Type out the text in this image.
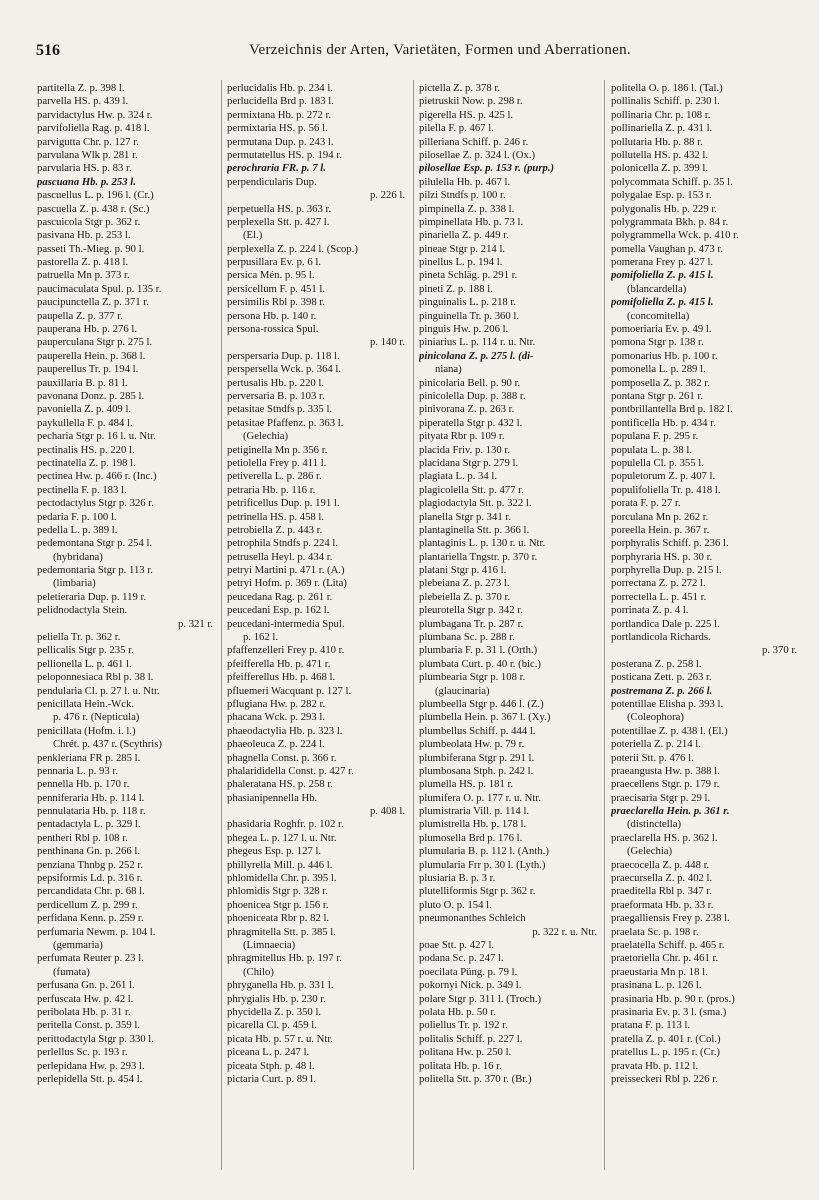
516	Verzeichnis der Arten, Varietäten, Formen und Aberrationen.
partitella Z. p. 398 l.
parvella HS. p. 439 l.
parvidactylus Hw. p. 324 r.
parvifoliella Rag. p. 418 l.
parvigutta Chr. p. 127 r.
parvulana Wlk p. 281 r.
parvularia HS. p. 83 r.
pascuana Hb. p. 253 l.
pascuellus L. p. 196 l. (Cr.)
pascuella Z. p. 438 r. (Sc.)
pascuicola Stgr p. 362 r.
pasivana Hb. p. 253 l.
passeti Th.-Mieg. p. 90 l.
pastorella Z. p. 418 l.
patruella Mn p. 373 r.
paucimaculata Spul. p. 135 r.
paucipunctella Z. p. 371 r.
paupella Z. p. 377 r.
pauperana Hb. p. 276 l.
pauperculana Stgr p. 275 l.
pauperella Hein. p. 368 l.
pauperellus Tr. p. 194 l.
pauxillaria B. p. 81 l.
pavonana Donz. p. 285 l.
pavoniella Z. p. 409 l.
paykullella F. p. 484 l.
pecharia Stgr p. 16 l. u. Ntr.
pectinalis HS. p. 220 l.
pectinatella Z. p. 198 l.
pectinea Hw. p. 466 r. (Inc.)
pectinella F. p. 183 l.
pectodactylus Stgr p. 326 r.
pedaria F. p. 100 l.
pedella L. p. 389 l.
pedemontana Stgr p. 254 l.
(hybridana)
pedemontaria Stgr p. 113 r.
(limbaria)
peletieraria Dup. p. 119 r.
pelidnodactyla Stein.
p. 321 r.
peliella Tr. p. 362 r.
pellicalis Stgr p. 235 r.
pellionella L. p. 461 l.
peloponnesiaca Rbl p. 38 l.
pendularia Cl. p. 27 l. u. Ntr.
penicillata Hein.-Wck.
p. 476 r. (Nepticula)
penicillata (Hofm. i. l.)
Chrét. p. 437 r. (Scythris)
penkleriana FR p. 285 l.
pennaria L. p. 93 r.
pennella Hb. p. 170 r.
penniferaria Hb. p. 114 l.
pennulataria Hb. p. 118 r.
pentadactyla L. p. 329 l.
pentheri Rbl p. 108 r.
penthinana Gn. p. 266 l.
penziana Thnbg p. 252 r.
pepsiformis Ld. p. 316 r.
percandidata Chr. p. 68 l.
perdicellum Z. p. 299 r.
perfidana Kenn. p. 259 r.
perfumaria Newm. p. 104 l.
(gemmaria)
perfumata Reuter p. 23 l.
(fumata)
perfusana Gn. p. 261 l.
perfuscata Hw. p. 42 l.
peribolata Hb. p. 31 r.
peritella Const. p. 359 l.
perittodactyla Stgr p. 330 l.
perlellus Sc. p. 193 r.
perlepidana Hw. p. 293 l.
perlepidella Stt. p. 454 l.
perlucidalis Hb. p. 234 l.
perlucidella Brd p. 183 l.
permixtana Hb. p. 272 r.
permixtaria HS. p. 56 l.
permutana Dup. p. 243 l.
permutatellus HS. p. 194 r.
perochraria FR. p. 7 l.
perpendicularis Dup.
p. 226 l.
perpetuella HS. p. 363 r.
perplexella Stt. p. 427 l.
(El.)
perplexella Z. p. 224 l. (Scop.)
perpusillara Ev. p. 6 l.
persica Mén. p. 95 l.
persicellum F. p. 451 l.
persimilis Rbl p. 398 r.
persona Hb. p. 140 r.
persona-rossica Spul.
p. 140 r.
perspersaria Dup. p. 118 l.
perspersella Wck. p. 364 l.
pertusalis Hb. p. 220 l.
perversaria B. p. 103 r.
petasitae Stndfs p. 335 l.
petasitae Pfaffenz. p. 363 l.
(Gelechia)
petiginella Mn p. 356 r.
petiolella Frey p. 411 l.
petiverella L. p. 286 r.
petraria Hb. p. 116 r.
petrificellus Dup. p. 191 l.
petrinella HS. p. 458 l.
petrobiella Z. p. 443 r.
petrophila Stndfs p. 224 l.
petrusella Heyl. p. 434 r.
petryi Martini p. 471 r. (A.)
petryi Hofm. p. 369 r. (Lita)
peucedana Rag. p. 261 r.
peucedani Esp. p. 162 l.
peucedani-intermedia Spul.
p. 162 l.
pfaffenzelleri Frey p. 410 r.
pfeifferella Hb. p. 471 r.
pfeifferellus Hb. p. 468 l.
pfluemeri Wacquant p. 127 l.
pflugiana Hw. p. 282 r.
phacana Wck. p. 293 l.
phaeodactylia Hb. p. 323 l.
phaeoleuca Z. p. 224 l.
phagnella Const. p. 366 r.
phalarididella Const. p. 427 r.
phaleratana HS. p. 258 r.
phasianipennella Hb.
p. 408 l.
phasidaria Roghfr. p. 102 r.
phegea L. p. 127 l. u. Ntr.
phegeus Esp. p. 127 l.
phillyrella Mill. p. 446 l.
phlomidella Chr. p. 395 l.
phlomidis Stgr p. 328 r.
phoenicea Stgr p. 156 r.
phoeniceata Rbr p. 82 l.
phragmitella Stt. p. 385 l.
(Limnaecia)
phragmitellus Hb. p. 197 r.
(Chilo)
phryganella Hb. p. 331 l.
phrygialis Hb. p. 230 r.
phycidella Z. p. 350 l.
picarella Cl. p. 459 l.
picata Hb. p. 57 r. u. Ntr.
piceana L. p. 247 l.
piceata Stph. p. 48 l.
pictaria Curt. p. 89 l.
pictella Z. p. 378 r.
pietruskii Now. p. 298 r.
pigerella HS. p. 425 l.
pilella F. p. 467 l.
pilleriana Schiff. p. 246 r.
pilosellae Z. p. 324 l. (Ox.)
pilosellae Esp. p. 153 r. (purp.)
pilulella Hb. p. 467 l.
pilzi Stndfs p. 100 r.
pimpinella Z. p. 338 l.
pimpinellata Hb. p. 73 l.
pinariella Z. p. 449 r.
pineae Stgr p. 214 l.
pinellus L. p. 194 l.
pineta Schläg. p. 291 r.
pineti Z. p. 188 l.
pinguinalis L. p. 218 r.
pinguinella Tr. p. 360 l.
pinguis Hw. p. 206 l.
piniarius L. p. 114 r. u. Ntr.
pinicolana Z. p. 275 l. (di-
niana)
pinicolaria Bell. p. 90 r.
pinicolella Dup. p. 388 r.
pinivorana Z. p. 263 r.
piperatella Stgr p. 432 l.
pityata Rbr p. 109 r.
placida Friv. p. 130 r.
placidana Stgr p. 279 l.
plagiata L. p. 34 l.
plagicolella Stt. p. 477 r.
plagiodactyla Stt. p. 322 l.
planella Stgr p. 341 r.
plantaginella Stt. p. 366 l.
plantaginis L. p. 130 r. u. Ntr.
plantariella Tngstr. p. 370 r.
platani Stgr p. 416 l.
plebeiana Z. p. 273 l.
plebeiella Z. p. 370 r.
pleurotella Stgr p. 342 r.
plumbagana Tr. p. 287 r.
plumbana Sc. p. 288 r.
plumbaria F. p. 31 l. (Orth.)
plumbata Curt. p. 40 r. (bic.)
plumbearia Stgr p. 108 r.
(glaucinaria)
plumbeella Stgr p. 446 l. (Z.)
plumbella Hein. p. 367 l. (Xy.)
plumbellus Schiff. p. 444 l.
plumbeolata Hw. p. 79 r.
plumbiferana Stgr p. 291 l.
plumbosana Stph. p. 242 l.
plumella HS. p. 181 r.
plumifera O. p. 177 r. u. Ntr.
plumistraria Vill. p. 114 l.
plumistrella Hb. p. 178 l.
plumosella Brd p. 176 l.
plumularia B. p. 112 l. (Anth.)
plumularia Frr p. 30 l. (Lyth.)
plusiaria B. p. 3 r.
plutelliformis Stgr p. 362 r.
pluto O. p. 154 l.
pneumonanthes Schleich
p. 322 r. u. Ntr.
poae Stt. p. 427 l.
podana Sc. p. 247 l.
poecilata Püng. p. 79 l.
pokornyi Nick. p. 349 l.
polare Stgr p. 311 l. (Troch.)
polata Hb. p. 50 r.
poliellus Tr. p. 192 r.
politalis Schiff. p. 227 l.
politana Hw. p. 250 l.
politata Hb. p. 16 r.
politella Stt. p. 370 r. (Br.)
politella O. p. 186 l. (Tal.)
pollinalis Schiff. p. 230 l.
pollinaria Chr. p. 108 r.
pollinariella Z. p. 431 l.
pollutaria Hb. p. 88 r.
pollutella HS. p. 432 l.
polonicella Z. p. 399 l.
polycommata Schiff. p. 35 l.
polygalae Esp. p. 153 r.
polygonalis Hb. p. 229 r.
polygrammata Bkh. p. 84 r.
polygrammella Wck. p. 410 r.
pomella Vaughan p. 473 r.
pomerana Frey p. 427 l.
pomifoliella Z. p. 415 l.
(blancardella)
pomifoliella Z. p. 415 l.
(concomitella)
pomoeriaria Ev. p. 49 l.
pomona Stgr p. 138 r.
pomonarius Hb. p. 100 r.
pomonella L. p. 289 l.
pomposella Z. p. 382 r.
pontana Stgr p. 261 r.
pontbrillantella Brd p. 182 l.
pontificella Hb. p. 434 r.
populana F. p. 295 r.
populata L. p. 38 l.
populella Cl. p. 355 l.
populetorum Z. p. 407 l.
populifoliella Tr. p. 418 l.
porata F. p. 27 r.
porculana Mn p. 262 r.
poreella Hein. p. 367 r.
porphyralis Schiff. p. 236 l.
porphyraria HS. p. 30 r.
porphyrella Dup. p. 215 l.
porrectana Z. p. 272 l.
porrectella L. p. 451 r.
porrinata Z. p. 4 l.
portlandica Dale p. 225 l.
portlandicola Richards.
p. 370 r.
posterana Z. p. 258 l.
posticana Zett. p. 263 r.
postremana Z. p. 266 l.
potentillae Elisha p. 393 l.
(Coleophora)
potentillae Z. p. 438 l. (El.)
poteriella Z. p. 214 l.
poterii Stt. p. 476 l.
praeangusta Hw. p. 388 l.
praecellens Stgr. p. 179 r.
praecisaria Stgr p. 29 l.
praeclarella Hein. p. 361 r.
(distinctella)
praeclarella HS. p. 362 l.
(Gelechia)
praecocella Z. p. 448 r.
praecursella Z. p. 402 l.
praeditella Rbl p. 347 r.
praeformata Hb. p. 33 r.
praegalliensis Frey p. 238 l.
praelata Sc. p. 198 r.
praelatella Schiff. p. 465 r.
praetoriella Chr. p. 461 r.
praeustaria Mn p. 18 l.
prasinana L. p. 126 l.
prasinaria Hb. p. 90 r. (pros.)
prasinaria Ev. p. 3 l. (sma.)
pratana F. p. 113 l.
pratella Z. p. 401 r. (Col.)
pratellus L. p. 195 r. (Cr.)
pravata Hb. p. 112 l.
preisseckeri Rbl p. 226 r.
